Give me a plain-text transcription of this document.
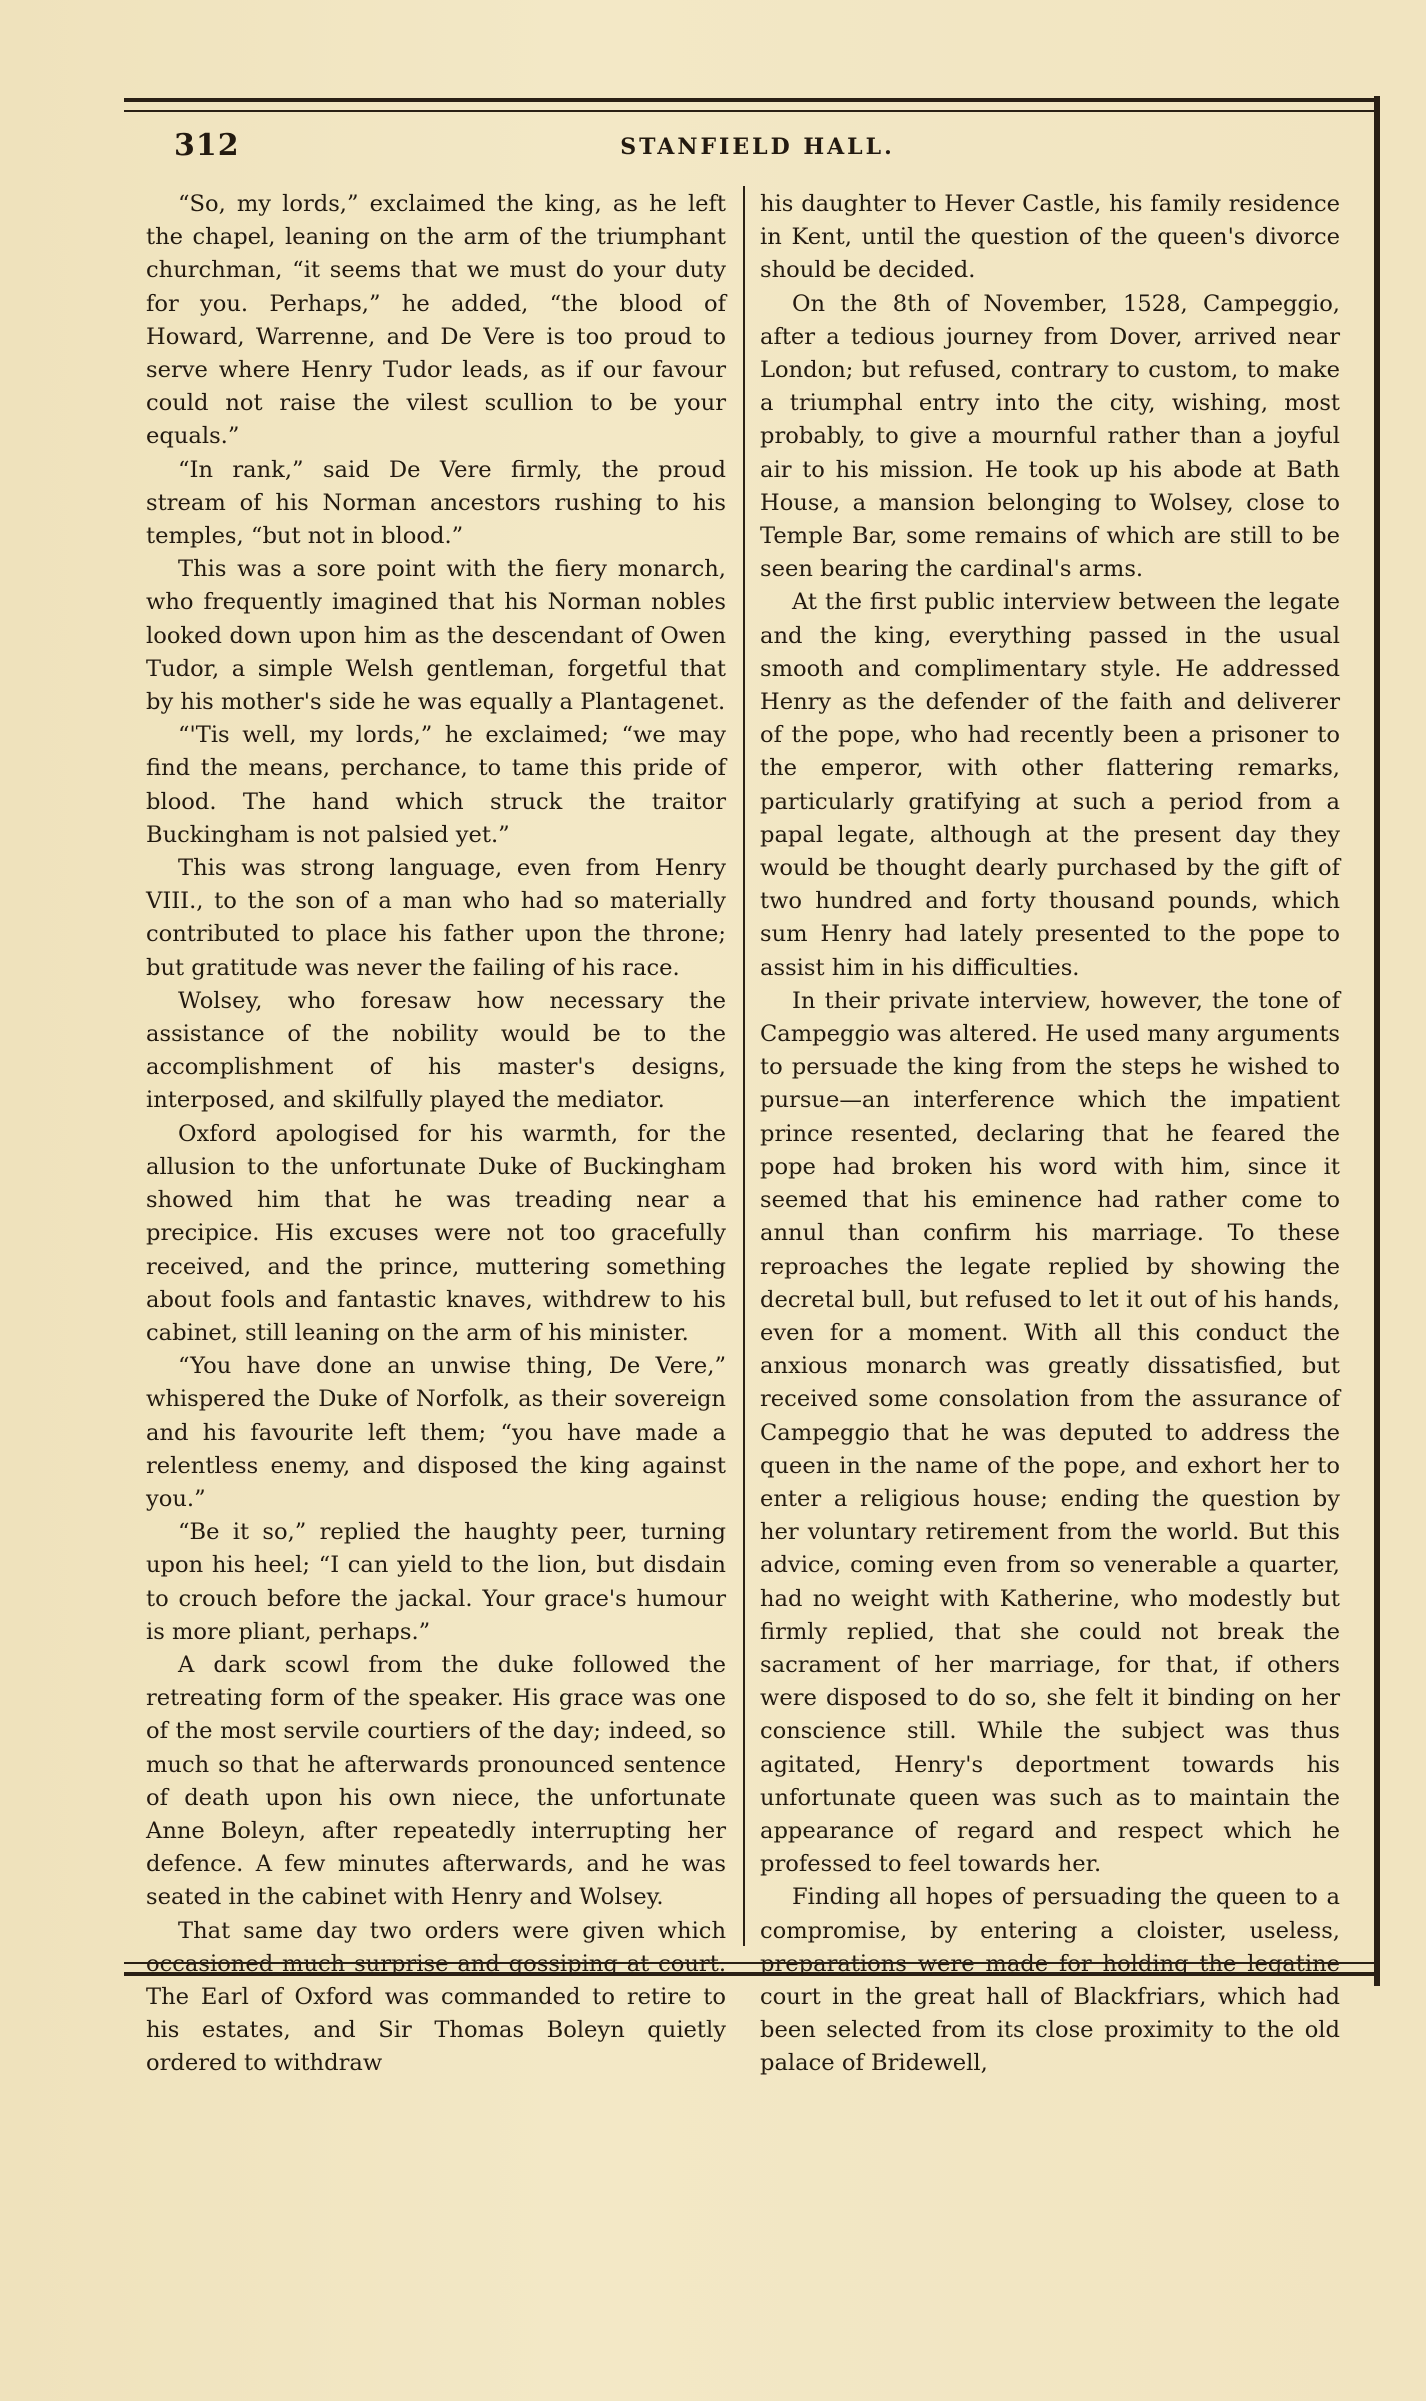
312	STANFIELD HALL.

“So, my lords,” exclaimed the king, as he left the chapel, leaning on the arm of the triumphant churchman, “it seems that we must do your duty for you. Perhaps,” he added, “the blood of Howard, Warrenne, and De Vere is too proud to serve where Henry Tudor leads, as if our favour could not raise the vilest scullion to be your equals.”

“In rank,” said De Vere firmly, the proud stream of his Norman ancestors rushing to his temples, “but not in blood.”

This was a sore point with the fiery monarch, who frequently imagined that his Norman nobles looked down upon him as the descendant of Owen Tudor, a simple Welsh gentleman, forgetful that by his mother's side he was equally a Plantagenet.

“'Tis well, my lords,” he exclaimed; “we may find the means, perchance, to tame this pride of blood. The hand which struck the traitor Buckingham is not palsied yet.”

This was strong language, even from Henry VIII., to the son of a man who had so materially contributed to place his father upon the throne; but gratitude was never the failing of his race.

Wolsey, who foresaw how necessary the assistance of the nobility would be to the accomplishment of his master's designs, interposed, and skilfully played the mediator.

Oxford apologised for his warmth, for the allusion to the unfortunate Duke of Buckingham showed him that he was treading near a precipice. His excuses were not too gracefully received, and the prince, muttering something about fools and fantastic knaves, withdrew to his cabinet, still leaning on the arm of his minister.

“You have done an unwise thing, De Vere,” whispered the Duke of Norfolk, as their sovereign and his favourite left them; “you have made a relentless enemy, and disposed the king against you.”

“Be it so,” replied the haughty peer, turning upon his heel; “I can yield to the lion, but disdain to crouch before the jackal. Your grace's humour is more pliant, perhaps.”

A dark scowl from the duke followed the retreating form of the speaker. His grace was one of the most servile courtiers of the day; indeed, so much so that he afterwards pronounced sentence of death upon his own niece, the unfortunate Anne Boleyn, after repeatedly interrupting her defence. A few minutes afterwards, and he was seated in the cabinet with Henry and Wolsey.

That same day two orders were given which occasioned much surprise and gossiping at court. The Earl of Oxford was commanded to retire to his estates, and Sir Thomas Boleyn quietly ordered to withdraw

his daughter to Hever Castle, his family residence in Kent, until the question of the queen's divorce should be decided.

On the 8th of November, 1528, Campeggio, after a tedious journey from Dover, arrived near London; but refused, contrary to custom, to make a triumphal entry into the city, wishing, most probably, to give a mournful rather than a joyful air to his mission. He took up his abode at Bath House, a mansion belonging to Wolsey, close to Temple Bar, some remains of which are still to be seen bearing the cardinal's arms.

At the first public interview between the legate and the king, everything passed in the usual smooth and complimentary style. He addressed Henry as the defender of the faith and deliverer of the pope, who had recently been a prisoner to the emperor, with other flattering remarks, particularly gratifying at such a period from a papal legate, although at the present day they would be thought dearly purchased by the gift of two hundred and forty thousand pounds, which sum Henry had lately presented to the pope to assist him in his difficulties.

In their private interview, however, the tone of Campeggio was altered. He used many arguments to persuade the king from the steps he wished to pursue—an interference which the impatient prince resented, declaring that he feared the pope had broken his word with him, since it seemed that his eminence had rather come to annul than confirm his marriage. To these reproaches the legate replied by showing the decretal bull, but refused to let it out of his hands, even for a moment. With all this conduct the anxious monarch was greatly dissatisfied, but received some consolation from the assurance of Campeggio that he was deputed to address the queen in the name of the pope, and exhort her to enter a religious house; ending the question by her voluntary retirement from the world. But this advice, coming even from so venerable a quarter, had no weight with Katherine, who modestly but firmly replied, that she could not break the sacrament of her marriage, for that, if others were disposed to do so, she felt it binding on her conscience still. While the subject was thus agitated, Henry's deportment towards his unfortunate queen was such as to maintain the appearance of regard and respect which he professed to feel towards her.

Finding all hopes of persuading the queen to a compromise, by entering a cloister, useless, preparations were made for holding the legatine court in the great hall of Blackfriars, which had been selected from its close proximity to the old palace of Bridewell,
